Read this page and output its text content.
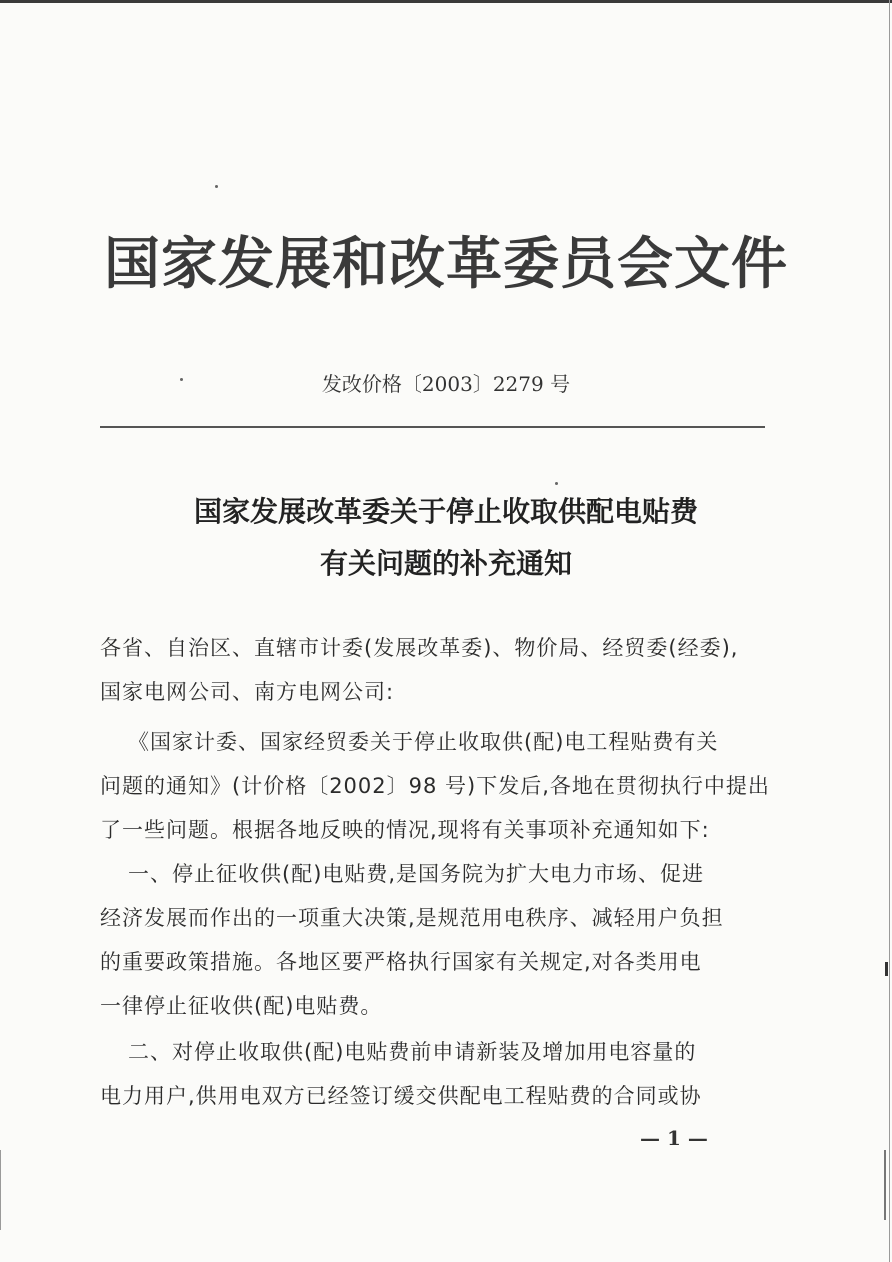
国家发展和改革委员会文件
发改价格〔2003〕2279 号
国家发展改革委关于停止收取供配电贴费
有关问题的补充通知
各省、自治区、直辖市计委(发展改革委)、物价局、经贸委(经委),
国家电网公司、南方电网公司:
《国家计委、国家经贸委关于停止收取供(配)电工程贴费有关
问题的通知》(计价格〔2002〕98 号)下发后,各地在贯彻执行中提出
了一些问题。根据各地反映的情况,现将有关事项补充通知如下:
一、停止征收供(配)电贴费,是国务院为扩大电力市场、促进
经济发展而作出的一项重大决策,是规范用电秩序、减轻用户负担
的重要政策措施。各地区要严格执行国家有关规定,对各类用电
一律停止征收供(配)电贴费。
二、对停止收取供(配)电贴费前申请新装及增加用电容量的
电力用户,供用电双方已经签订缓交供配电工程贴费的合同或协
— 1 —
